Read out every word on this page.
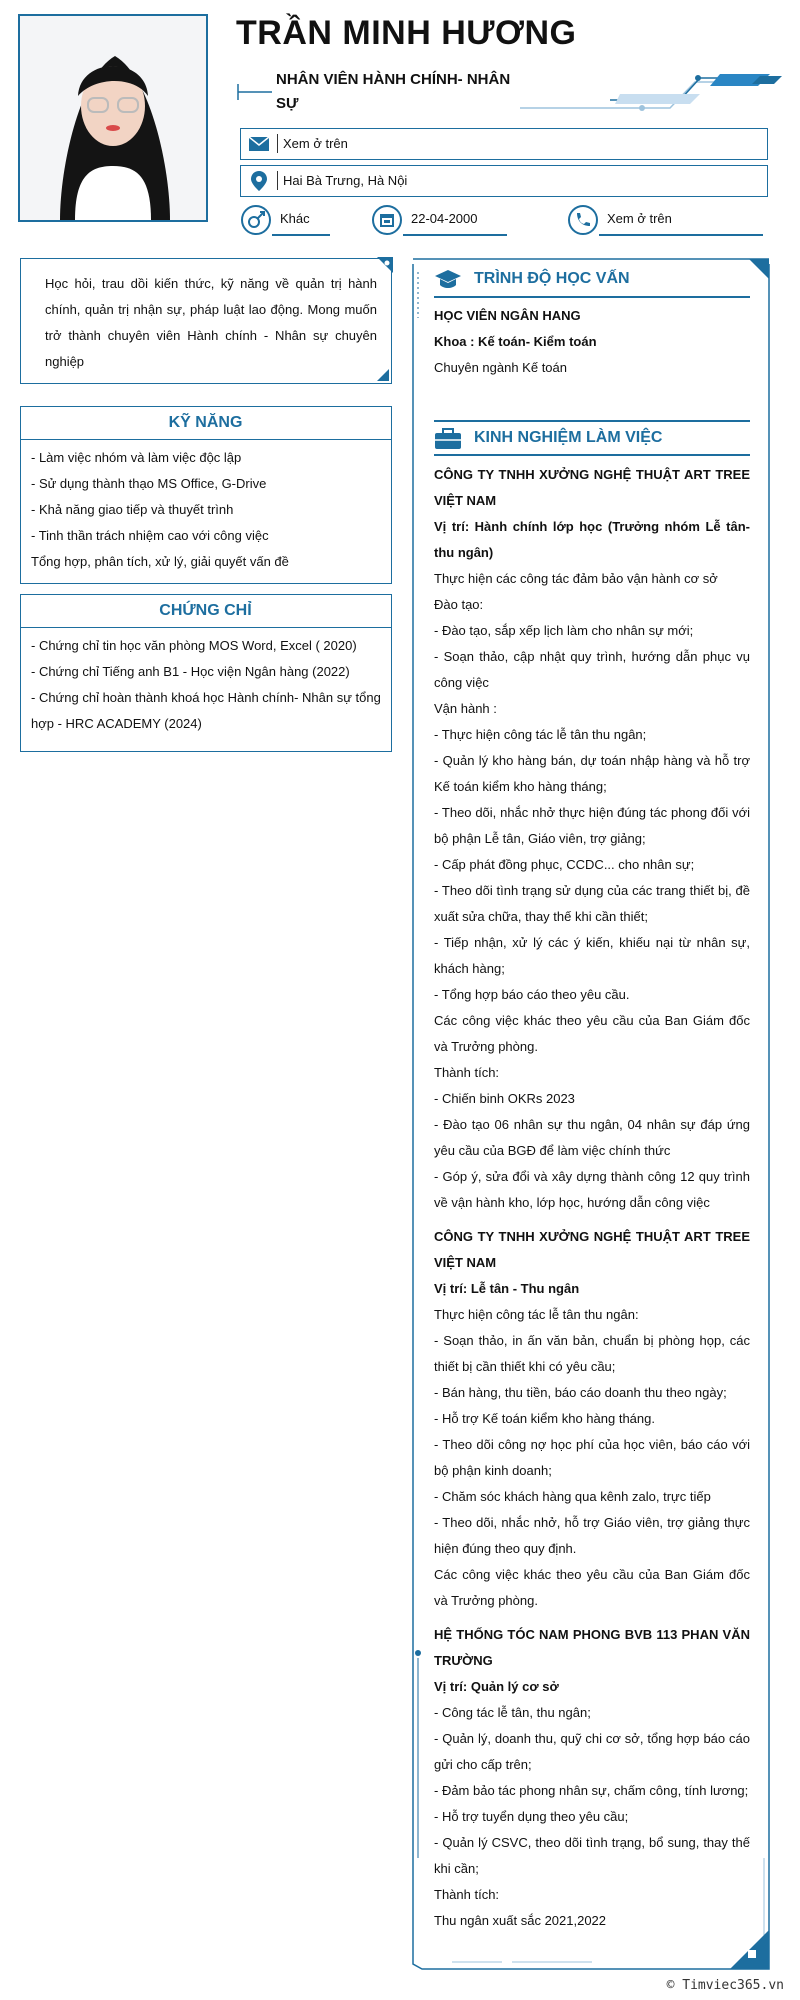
TRẦN MINH HƯƠNG
NHÂN VIÊN HÀNH CHÍNH- NHÂN SỰ
Xem ở trên
Hai Bà Trưng, Hà Nội
Khác	22-04-2000	Xem ở trên
Học hỏi, trau dồi kiến thức, kỹ năng về quản trị hành chính, quản trị nhận sự, pháp luật lao động. Mong muốn trở thành chuyên viên Hành chính - Nhân sự chuyên nghiệp
KỸ NĂNG
- Làm việc nhóm và làm việc độc lập
- Sử dụng thành thạo MS Office, G-Drive
- Khả năng giao tiếp và thuyết trình
- Tinh thần trách nhiệm cao với công việc
Tổng hợp, phân tích, xử lý, giải quyết vấn đề
CHỨNG CHỈ
- Chứng chỉ tin học văn phòng MOS Word, Excel ( 2020)
- Chứng chỉ Tiếng anh B1 - Học viện Ngân hàng (2022)
- Chứng chỉ hoàn thành khoá học Hành chính- Nhân sự tổng hợp - HRC ACADEMY (2024)
TRÌNH ĐỘ HỌC VẤN
HỌC VIÊN NGÂN HANG
Khoa : Kế toán- Kiểm toán
Chuyên ngành Kế toán
KINH NGHIỆM LÀM VIỆC
CÔNG TY TNHH XƯỞNG NGHỆ THUẬT ART TREE VIỆT NAM
Vị trí: Hành chính lớp học (Trưởng nhóm Lễ tân- thu ngân)
Thực hiện các công tác đảm bảo vận hành cơ sở
Đào tạo:
- Đào tạo, sắp xếp lịch làm cho nhân sự mới;
- Soạn thảo, cập nhật quy trình, hướng dẫn phục vụ công việc
Vận hành :
- Thực hiện công tác lễ tân thu ngân;
- Quản lý kho hàng bán, dự toán nhập hàng và hỗ trợ Kế toán kiểm kho hàng tháng;
- Theo dõi, nhắc nhở thực hiện đúng tác phong đối với bộ phận Lễ tân, Giáo viên, trợ giảng;
- Cấp phát đồng phục, CCDC... cho nhân sự;
- Theo dõi tình trạng sử dụng của các trang thiết bị, đề xuất sửa chữa, thay thế khi cần thiết;
- Tiếp nhận, xử lý các ý kiến, khiếu nại từ nhân sự, khách hàng;
- Tổng hợp báo cáo theo yêu cầu.
Các công việc khác theo yêu cầu của Ban Giám đốc và Trưởng phòng.
Thành tích:
- Chiến binh OKRs 2023
- Đào tạo 06 nhân sự thu ngân, 04 nhân sự đáp ứng yêu cầu của BGĐ để làm việc chính thức
- Góp ý, sửa đổi và xây dựng thành công 12 quy trình về vận hành kho, lớp học, hướng dẫn công việc
CÔNG TY TNHH XƯỞNG NGHỆ THUẬT ART TREE VIỆT NAM
Vị trí: Lễ tân - Thu ngân
Thực hiện công tác lễ tân thu ngân:
- Soạn thảo, in ấn văn bản, chuẩn bị phòng họp, các thiết bị cần thiết khi có yêu cầu;
- Bán hàng, thu tiền, báo cáo doanh thu theo ngày;
- Hỗ trợ Kế toán kiểm kho hàng tháng.
- Theo dõi công nợ học phí của học viên, báo cáo với bộ phận kinh doanh;
- Chăm sóc khách hàng qua kênh zalo, trực tiếp
- Theo dõi, nhắc nhở, hỗ trợ Giáo viên, trợ giảng thực hiện đúng theo quy định.
Các công việc khác theo yêu cầu của Ban Giám đốc và Trưởng phòng.
HỆ THỐNG TÓC NAM PHONG BVB 113 PHAN VĂN TRƯỜNG
Vị trí: Quản lý cơ sở
- Công tác lễ tân, thu ngân;
- Quản lý, doanh thu, quỹ chi cơ sở, tổng hợp báo cáo gửi cho cấp trên;
- Đảm bảo tác phong nhân sự, chấm công, tính lương;
- Hỗ trợ tuyển dụng theo yêu cầu;
- Quản lý CSVC, theo dõi tình trạng, bổ sung, thay thế khi cần;
Thành tích:
Thu ngân xuất sắc 2021,2022
© Timviec365.vn
